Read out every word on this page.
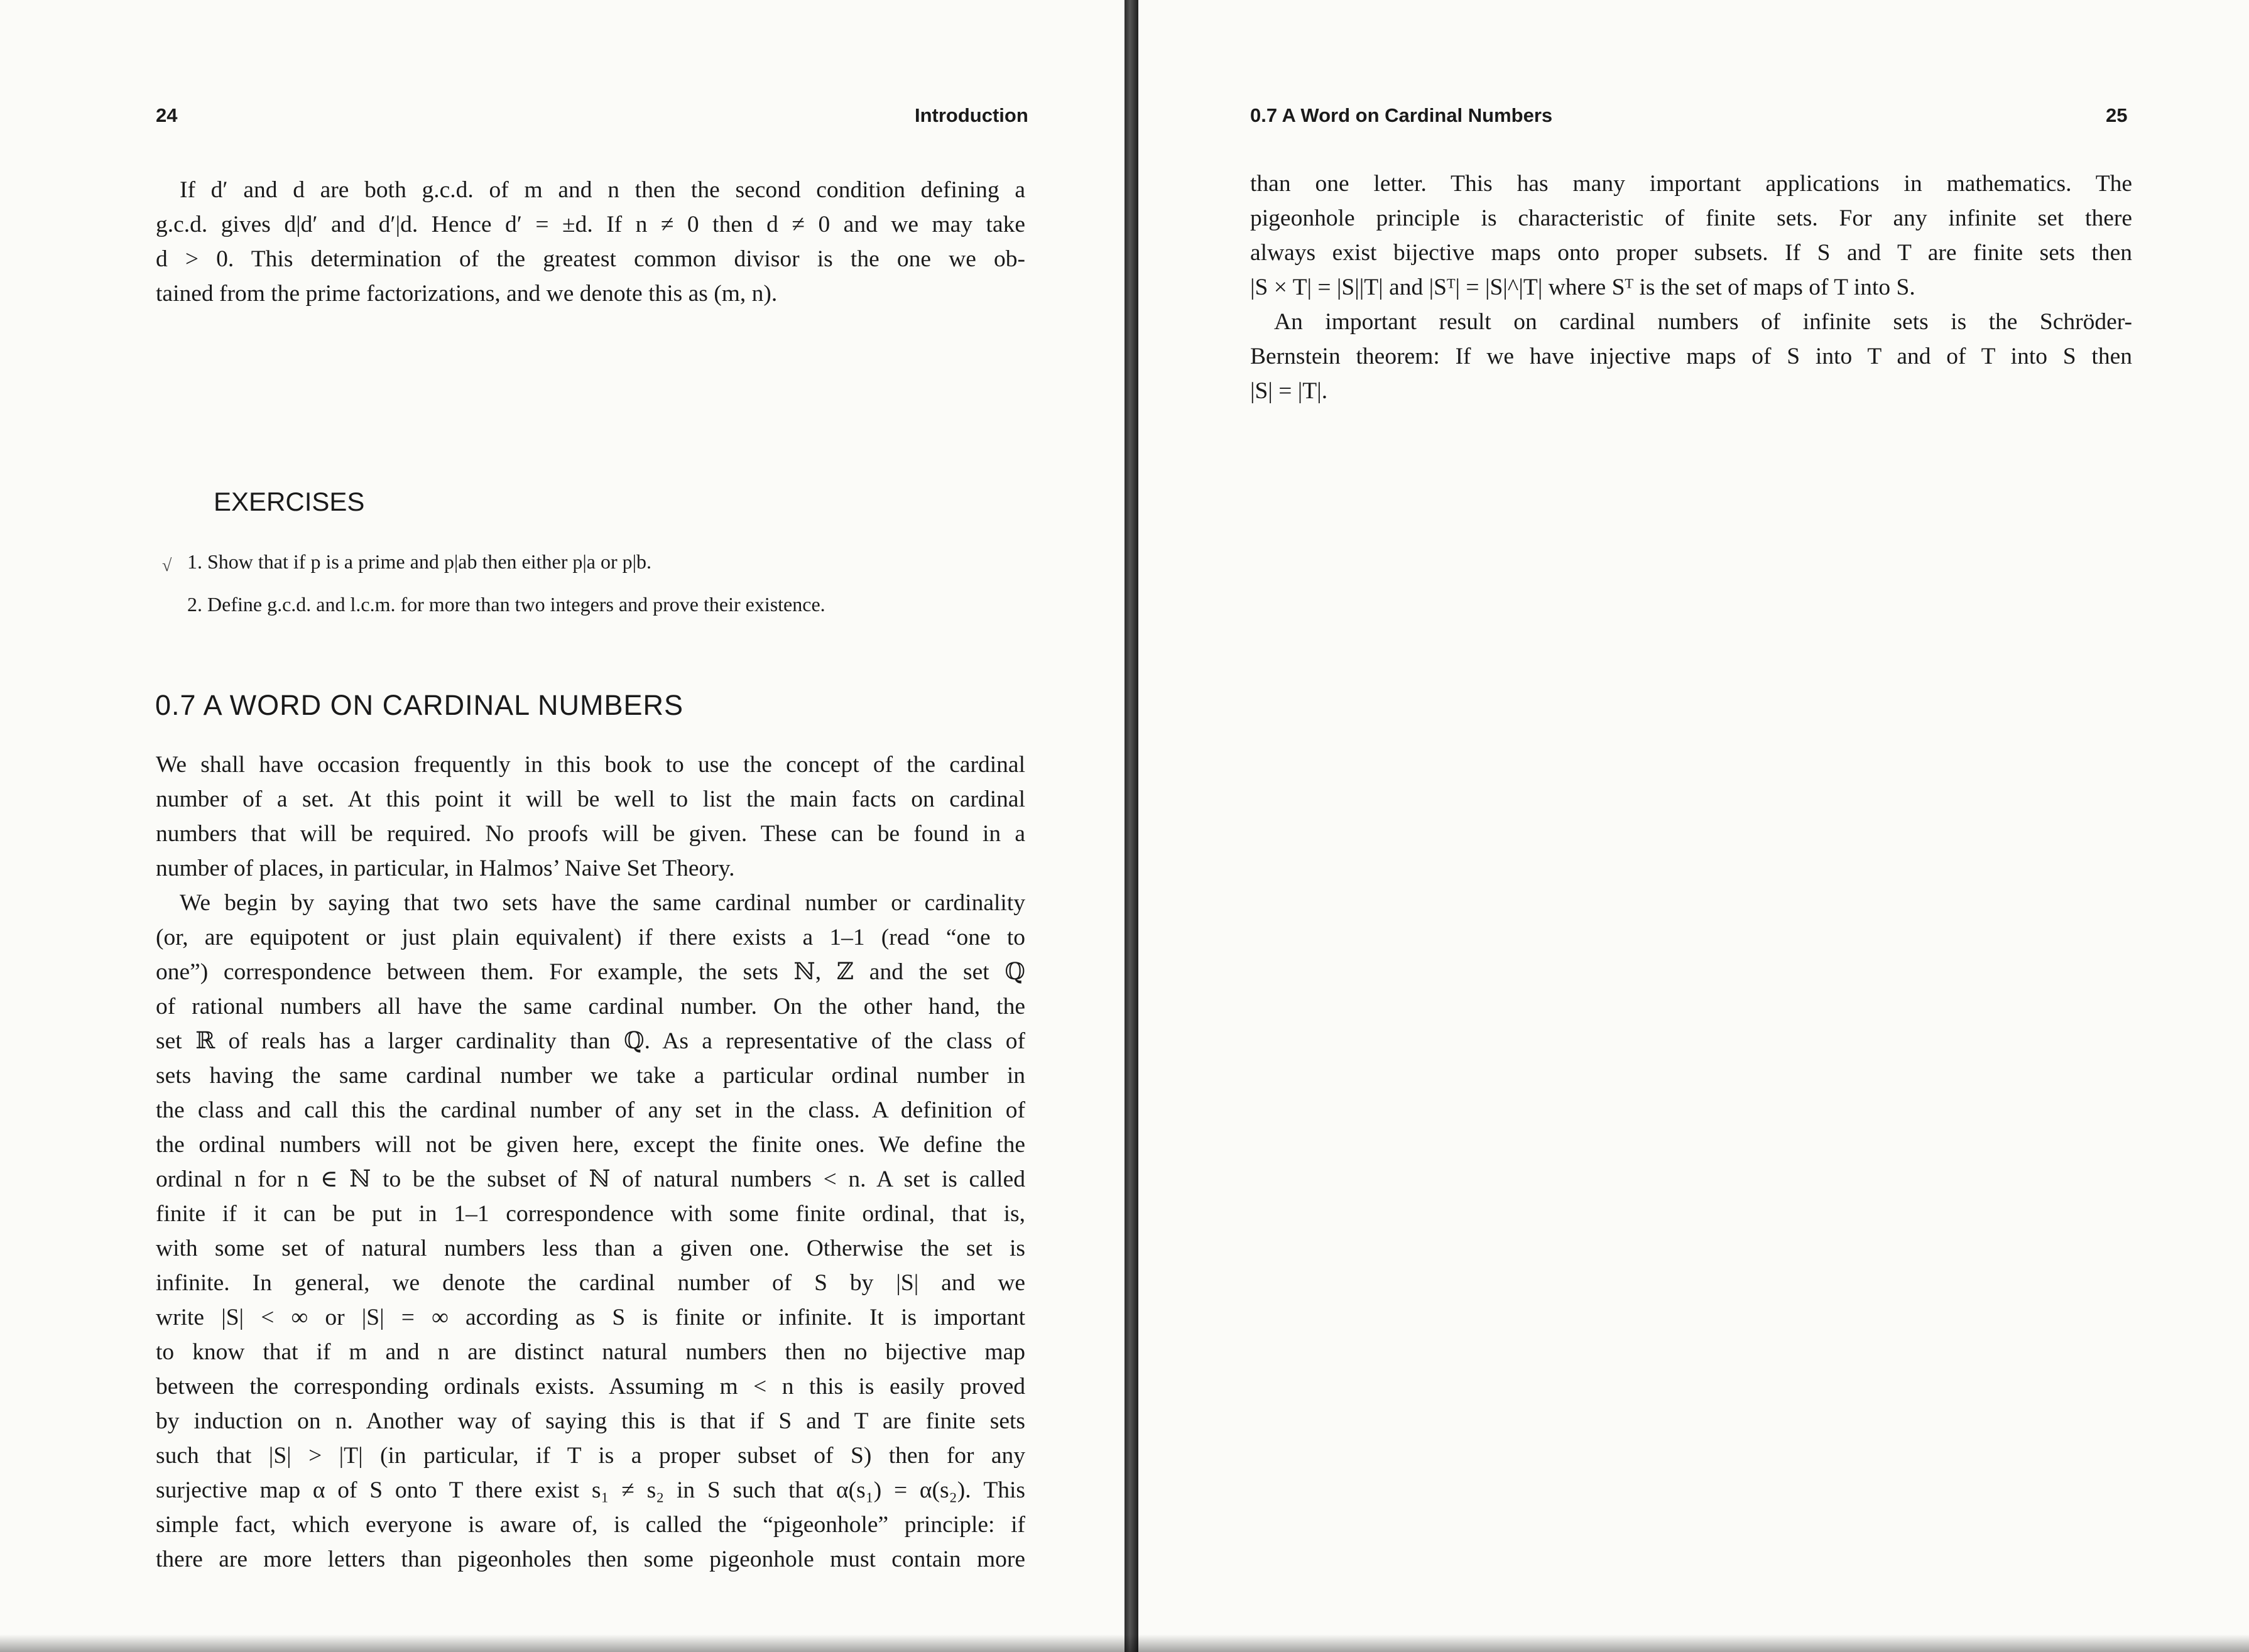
24	Introduction
If d′ and d are both g.c.d. of m and n then the second condition defining a
g.c.d. gives d|d′ and d′|d. Hence d′ = ±d. If n ≠ 0 then d ≠ 0 and we may take
d > 0. This determination of the greatest common divisor is the one we ob-
tained from the prime factorizations, and we denote this as (m, n).
EXERCISES
√ 1. Show that if p is a prime and p|ab then either p|a or p|b.
2. Define g.c.d. and l.c.m. for more than two integers and prove their existence.
0.7 A WORD ON CARDINAL NUMBERS
We shall have occasion frequently in this book to use the concept of the cardinal
number of a set. At this point it will be well to list the main facts on cardinal
numbers that will be required. No proofs will be given. These can be found in a
number of places, in particular, in Halmos’ Naive Set Theory.
We begin by saying that two sets have the same cardinal number or cardinality
(or, are equipotent or just plain equivalent) if there exists a 1–1 (read “one to
one”) correspondence between them. For example, the sets ℕ, ℤ and the set ℚ
of rational numbers all have the same cardinal number. On the other hand, the
set ℝ of reals has a larger cardinality than ℚ. As a representative of the class of
sets having the same cardinal number we take a particular ordinal number in
the class and call this the cardinal number of any set in the class. A definition of
the ordinal numbers will not be given here, except the finite ones. We define the
ordinal n for n ∈ ℕ to be the subset of ℕ of natural numbers < n. A set is called
finite if it can be put in 1–1 correspondence with some finite ordinal, that is,
with some set of natural numbers less than a given one. Otherwise the set is
infinite. In general, we denote the cardinal number of S by |S| and we
write |S| < ∞ or |S| = ∞ according as S is finite or infinite. It is important
to know that if m and n are distinct natural numbers then no bijective map
between the corresponding ordinals exists. Assuming m < n this is easily proved
by induction on n. Another way of saying this is that if S and T are finite sets
such that |S| > |T| (in particular, if T is a proper subset of S) then for any
surjective map α of S onto T there exist s₁ ≠ s₂ in S such that α(s₁) = α(s₂). This
simple fact, which everyone is aware of, is called the “pigeonhole” principle: if
there are more letters than pigeonholes then some pigeonhole must contain more
0.7 A Word on Cardinal Numbers	25
than one letter. This has many important applications in mathematics. The
pigeonhole principle is characteristic of finite sets. For any infinite set there
always exist bijective maps onto proper subsets. If S and T are finite sets then
|S × T| = |S||T| and |Sᵀ| = |S|^|T| where Sᵀ is the set of maps of T into S.
An important result on cardinal numbers of infinite sets is the Schröder-
Bernstein theorem: If we have injective maps of S into T and of T into S then
|S| = |T|.
